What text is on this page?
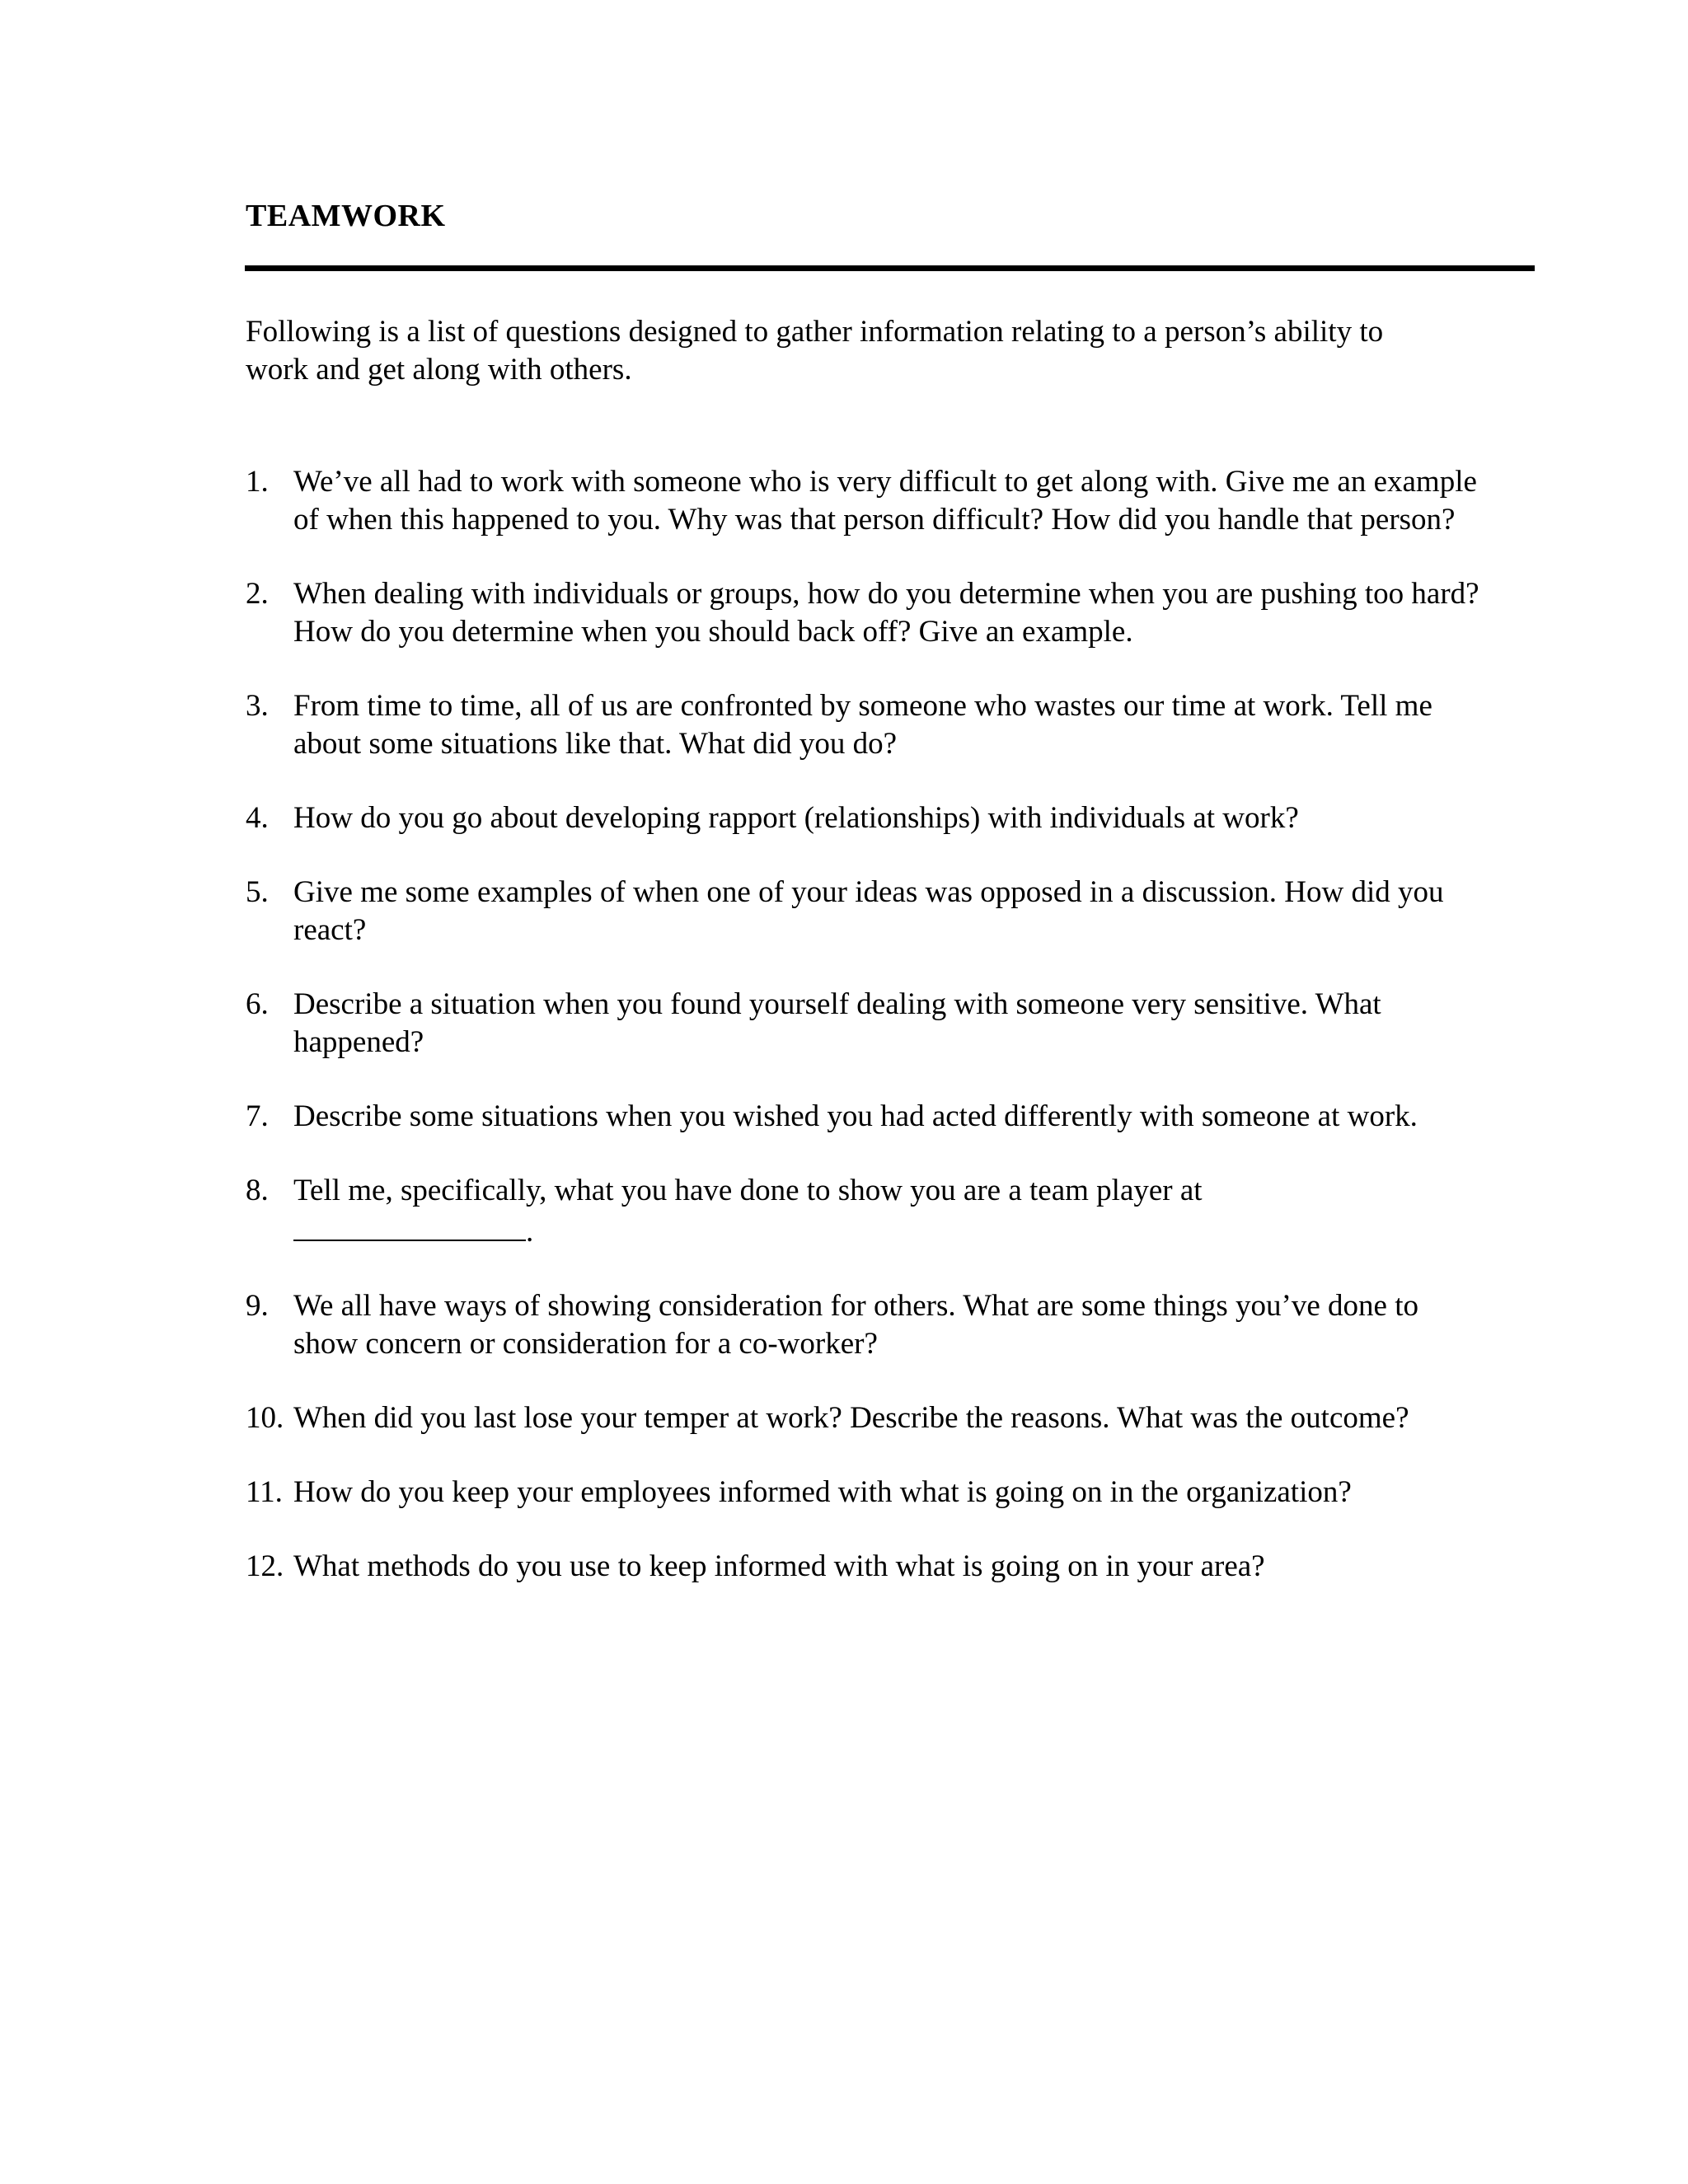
TEAMWORK
Following is a list of questions designed to gather information relating to a person’s ability to work and get along with others.
1. We’ve all had to work with someone who is very difficult to get along with. Give me an example of when this happened to you. Why was that person difficult? How did you handle that person?
2. When dealing with individuals or groups, how do you determine when you are pushing too hard? How do you determine when you should back off? Give an example.
3. From time to time, all of us are confronted by someone who wastes our time at work. Tell me about some situations like that. What did you do?
4. How do you go about developing rapport (relationships) with individuals at work?
5. Give me some examples of when one of your ideas was opposed in a discussion. How did you react?
6. Describe a situation when you found yourself dealing with someone very sensitive. What happened?
7. Describe some situations when you wished you had acted differently with someone at work.
8. Tell me, specifically, what you have done to show you are a team player at
.
9. We all have ways of showing consideration for others. What are some things you’ve done to show concern or consideration for a co-worker?
10. When did you last lose your temper at work? Describe the reasons. What was the outcome?
11. How do you keep your employees informed with what is going on in the organization?
12. What methods do you use to keep informed with what is going on in your area?
